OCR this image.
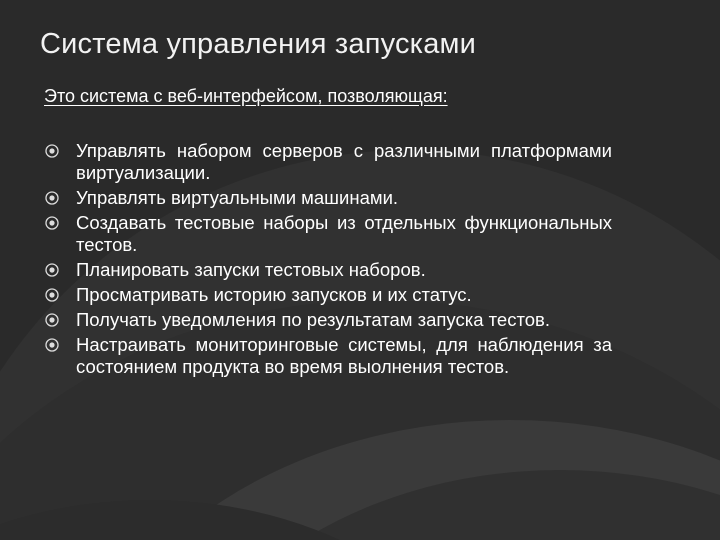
Система управления запусками
Это система с веб-интерфейсом, позволяющая:
Управлять набором серверов с различными платформами виртуализации.
Управлять виртуальными машинами.
Создавать тестовые наборы из отдельных функциональных тестов.
Планировать запуски тестовых наборов.
Просматривать историю запусков и их статус.
Получать уведомления по результатам запуска тестов.
Настраивать мониторинговые системы, для наблюдения за состоянием продукта во время выолнения тестов.
